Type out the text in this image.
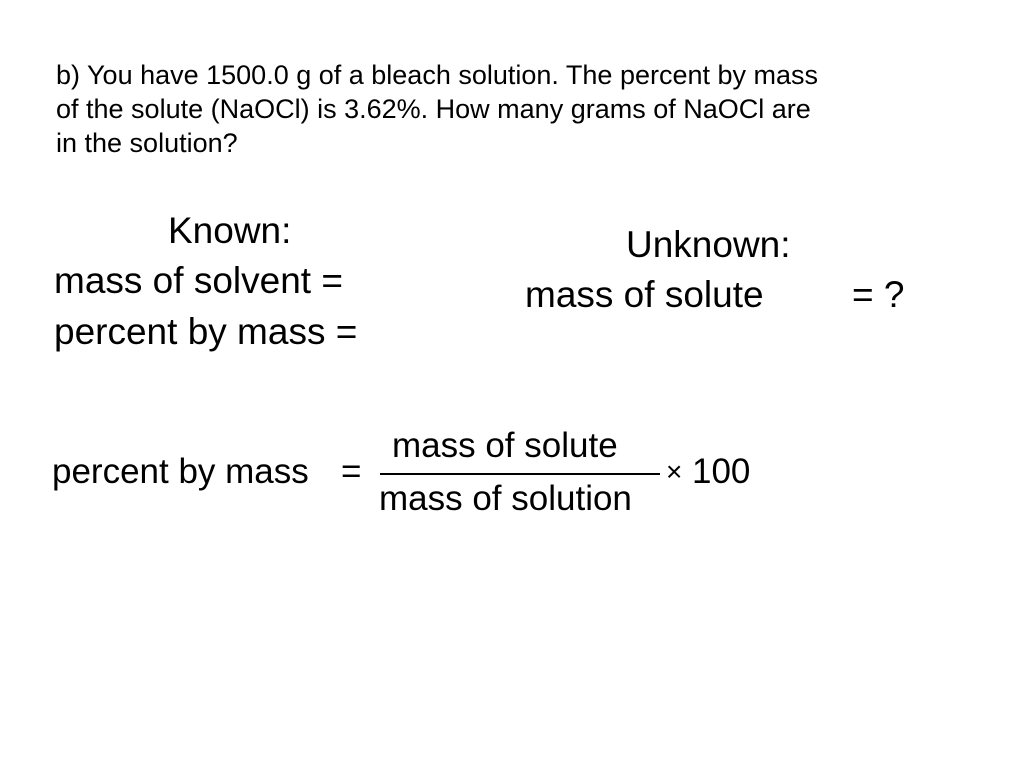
b) You have 1500.0 g of a bleach solution. The percent by mass
of the solute (NaOCl) is 3.62%. How many grams of NaOCl are
in the solution?
Known:
mass of solvent =
percent by mass =
Unknown:
mass of solute = ?
percent by mass =
mass of solute
mass of solution
× 100
